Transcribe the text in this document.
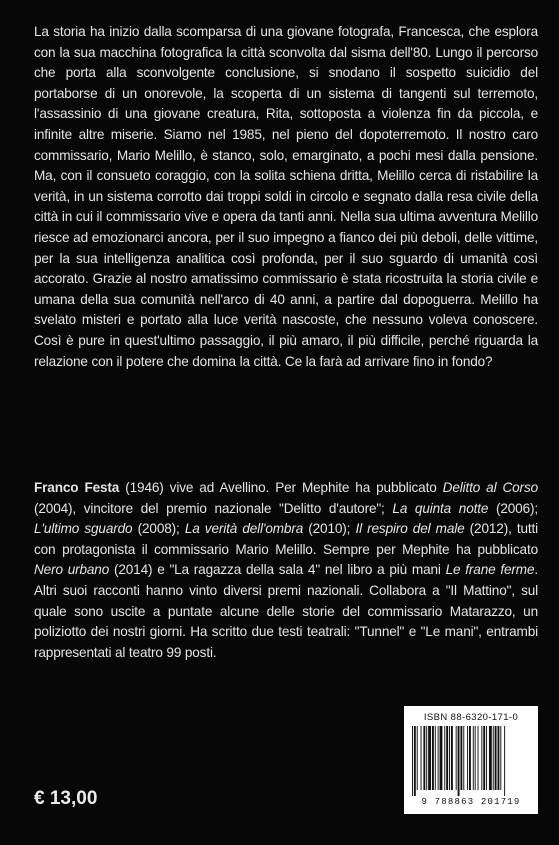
La storia ha inizio dalla scomparsa di una giovane fotografa, Francesca, che esplora con la sua macchina fotografica la città sconvolta dal sisma dell'80. Lungo il percorso che porta alla sconvolgente conclusione, si snodano il sospetto suicidio del portaborse di un onorevole, la scoperta di un sistema di tangenti sul terremoto, l'assassinio di una giovane creatura, Rita, sottoposta a violenza fin da piccola, e infinite altre miserie. Siamo nel 1985, nel pieno del dopoterremoto. Il nostro caro commissario, Mario Melillo, è stanco, solo, emarginato, a pochi mesi dalla pensione. Ma, con il consueto coraggio, con la solita schiena dritta, Melillo cerca di ristabilire la verità, in un sistema corrotto dai troppi soldi in circolo e segnato dalla resa civile della città in cui il commissario vive e opera da tanti anni. Nella sua ultima avventura Melillo riesce ad emozionarci ancora, per il suo impegno a fianco dei più deboli, delle vittime, per la sua intelligenza analitica così profonda, per il suo sguardo di umanità così accorato. Grazie al nostro amatissimo commissario è stata ricostruita la storia civile e umana della sua comunità nell'arco di 40 anni, a partire dal dopoguerra. Melillo ha svelato misteri e portato alla luce verità nascoste, che nessuno voleva conoscere. Così è pure in quest'ultimo passaggio, il più amaro, il più difficile, perché riguarda la relazione con il potere che domina la città. Ce la farà ad arrivare fino in fondo?

Franco Festa (1946) vive ad Avellino. Per Mephite ha pubblicato Delitto al Corso (2004), vincitore del premio nazionale "Delitto d'autore"; La quinta notte (2006); L'ultimo sguardo (2008); La verità dell'ombra (2010); Il respiro del male (2012), tutti con protagonista il commissario Mario Melillo. Sempre per Mephite ha pubblicato Nero urbano (2014) e "La ragazza della sala 4" nel libro a più mani Le frane ferme. Altri suoi racconti hanno vinto diversi premi nazionali. Collabora a "Il Mattino", sul quale sono uscite a puntate alcune delle storie del commissario Matarazzo, un poliziotto dei nostri giorni. Ha scritto due testi teatrali: "Tunnel" e "Le mani", entrambi rappresentati al teatro 99 posti.

€ 13,00
ISBN 88-6320-171-0
9 788863 201719
